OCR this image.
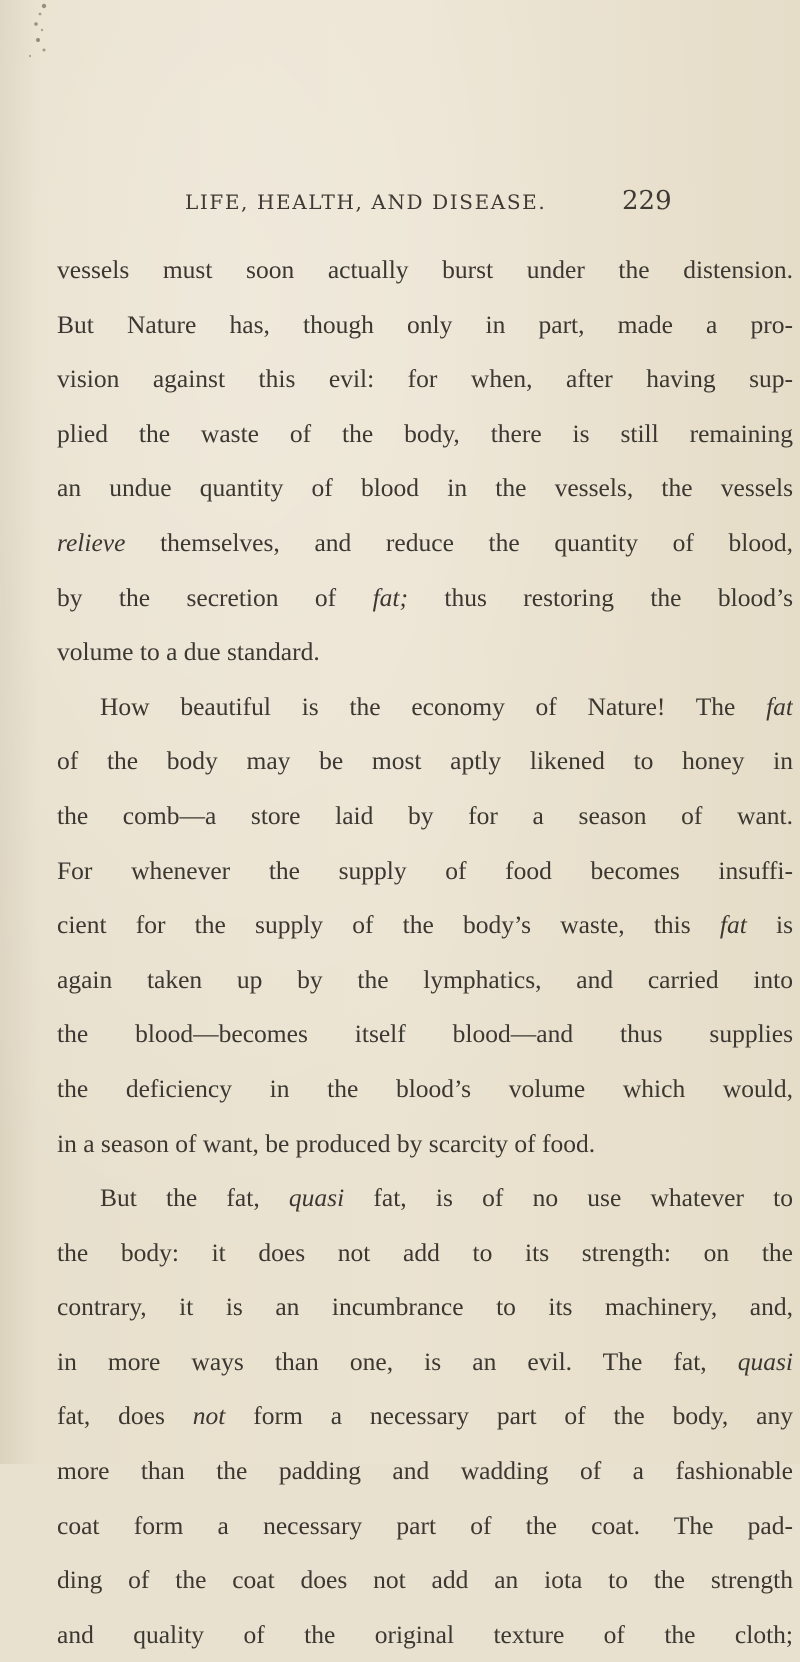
LIFE, HEALTH, AND DISEASE.	229
vessels must soon actually burst under the distension.
But Nature has, though only in part, made a pro-
vision against this evil: for when, after having sup-
plied the waste of the body, there is still remaining
an undue quantity of blood in the vessels, the vessels
relieve themselves, and reduce the quantity of blood,
by the secretion of fat; thus restoring the blood’s
volume to a due standard.
How beautiful is the economy of Nature! The fat
of the body may be most aptly likened to honey in
the comb—a store laid by for a season of want.
For whenever the supply of food becomes insuffi-
cient for the supply of the body’s waste, this fat is
again taken up by the lymphatics, and carried into
the blood—becomes itself blood—and thus supplies
the deficiency in the blood’s volume which would,
in a season of want, be produced by scarcity of food.
But the fat, quasi fat, is of no use whatever to
the body: it does not add to its strength: on the
contrary, it is an incumbrance to its machinery, and,
in more ways than one, is an evil. The fat, quasi
fat, does not form a necessary part of the body, any
more than the padding and wadding of a fashionable
coat form a necessary part of the coat. The pad-
ding of the coat does not add an iota to the strength
and quality of the original texture of the cloth;
